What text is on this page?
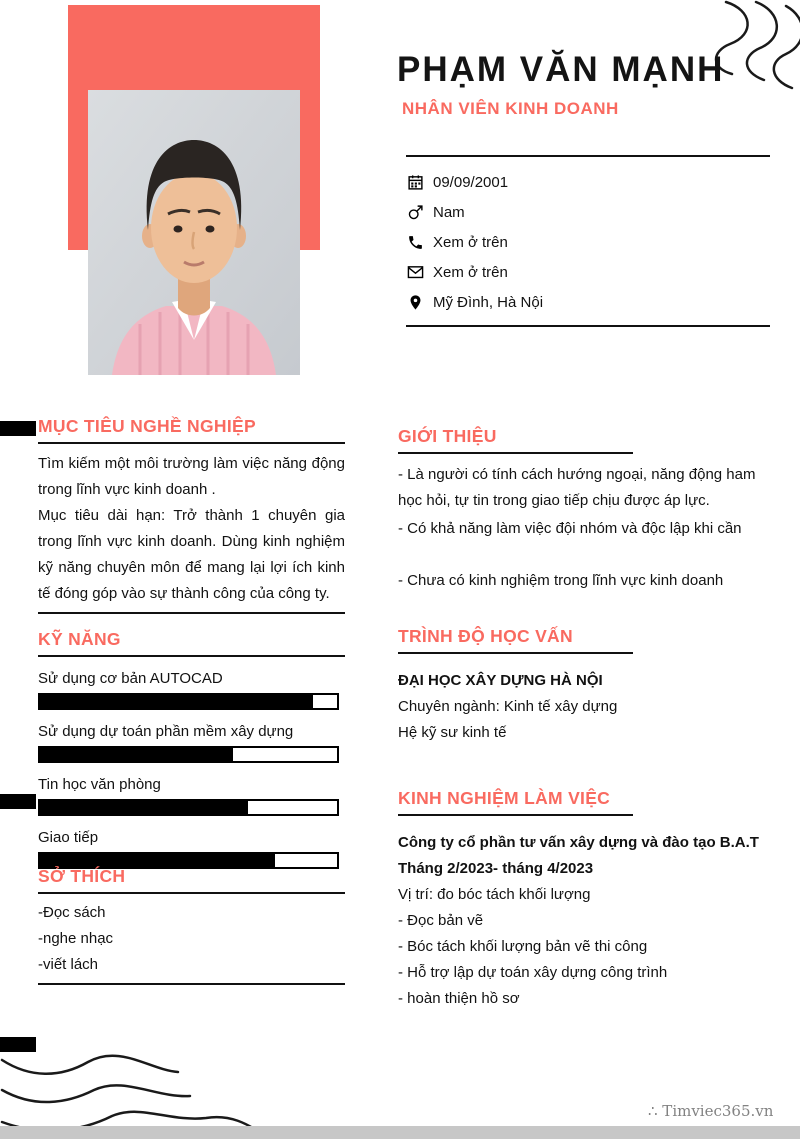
PHẠM VĂN MẠNH
NHÂN VIÊN KINH DOANH
09/09/2001
Nam
Xem ở trên
Xem ở trên
Mỹ Đình, Hà Nội
MỤC TIÊU NGHỀ NGHIỆP

Tìm kiếm một môi trường làm việc năng động trong lĩnh vực kinh doanh .

Mục tiêu dài hạn: Trở thành 1 chuyên gia trong lĩnh vực kinh doanh. Dùng kinh nghiệm kỹ năng chuyên môn để mang lại lợi ích kinh tế đóng góp vào sự thành công của công ty.

KỸ NĂNG
Sử dụng cơ bản AUTOCAD
Sử dụng dự toán phần mềm xây dựng
Tin học văn phòng
Giao tiếp
SỞ THÍCH
-Đọc sách
-nghe nhạc
-viết lách
GIỚI THIỆU
- Là người có tính cách hướng ngoại, năng động ham học hỏi, tự tin trong giao tiếp chịu được áp lực.
- Có khả năng làm việc đội nhóm và độc lập khi cần
- Chưa có kinh nghiệm trong lĩnh vực kinh doanh
TRÌNH ĐỘ HỌC VẤN
ĐẠI HỌC XÂY DỰNG HÀ NỘI
Chuyên ngành: Kinh tế xây dựng
Hệ kỹ sư kinh tế
KINH NGHIỆM LÀM VIỆC
Công ty cổ phần tư vấn xây dựng và đào tạo B.A.T
Tháng 2/2023- tháng 4/2023
Vị trí: đo bóc tách khối lượng
- Đọc bản vẽ
- Bóc tách khối lượng bản vẽ thi công
- Hỗ trợ lập dự toán xây dựng công trình
- hoàn thiện hồ sơ
∴ Timviec365.vn
